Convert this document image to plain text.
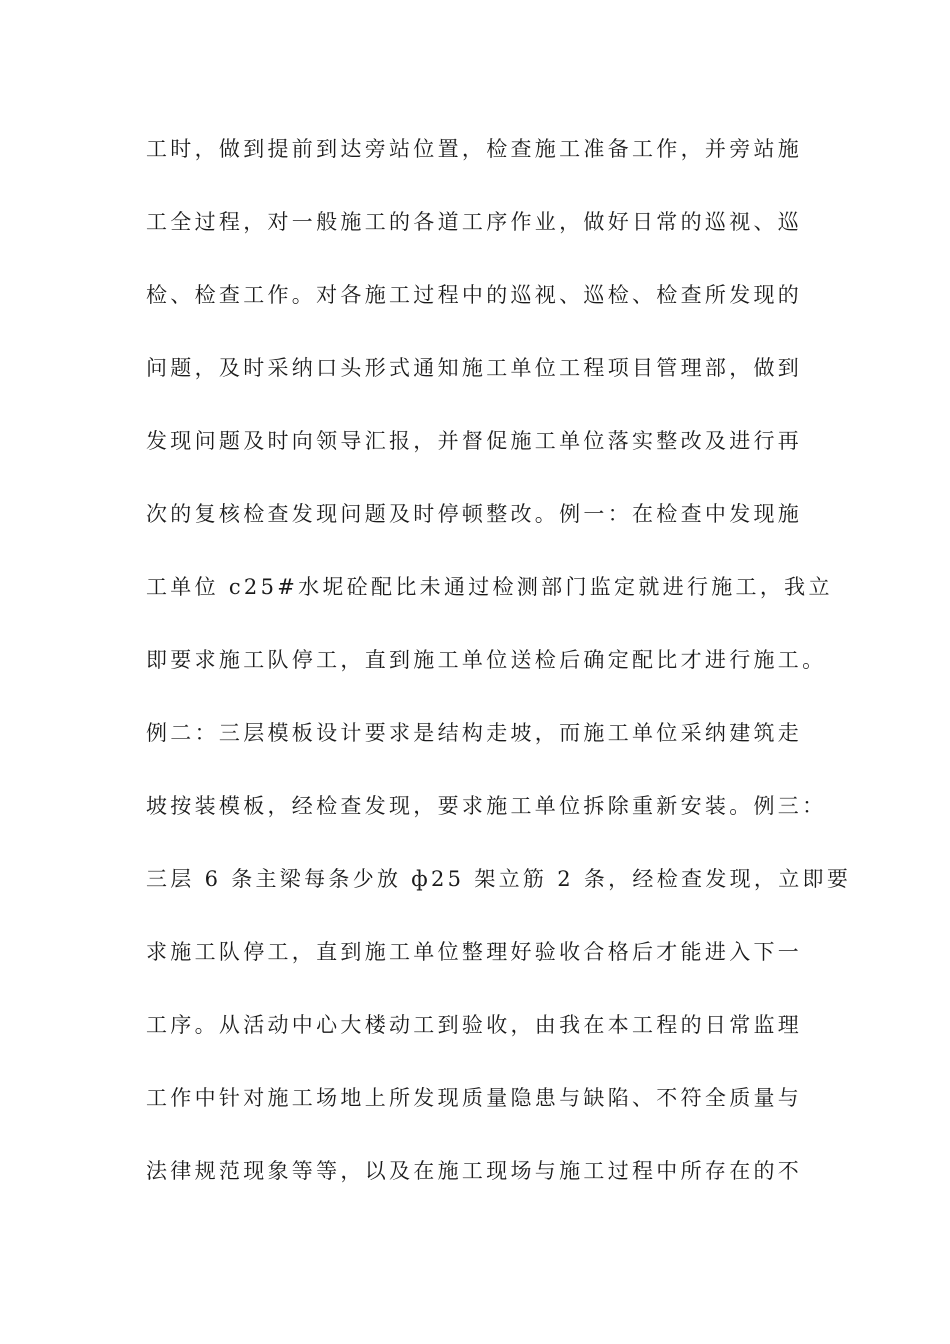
工时，做到提前到达旁站位置，检查施工准备工作，并旁站施
工全过程，对一般施工的各道工序作业，做好日常的巡视、巡
检、检查工作。对各施工过程中的巡视、巡检、检查所发现的
问题，及时采纳口头形式通知施工单位工程项目管理部，做到
发现问题及时向领导汇报，并督促施工单位落实整改及进行再
次的复核检查发现问题及时停顿整改。例一：在检查中发现施
工单位 c25#水坭砼配比未通过检测部门监定就进行施工，我立
即要求施工队停工，直到施工单位送检后确定配比才进行施工。
例二：三层模板设计要求是结构走坡，而施工单位采纳建筑走
坡按装模板，经检查发现，要求施工单位拆除重新安装。例三：
三层 6 条主梁每条少放 ф25 架立筋 2 条，经检查发现，立即要
求施工队停工，直到施工单位整理好验收合格后才能进入下一
工序。从活动中心大楼动工到验收，由我在本工程的日常监理
工作中针对施工场地上所发现质量隐患与缺陷、不符全质量与
法律规范现象等等，以及在施工现场与施工过程中所存在的不
